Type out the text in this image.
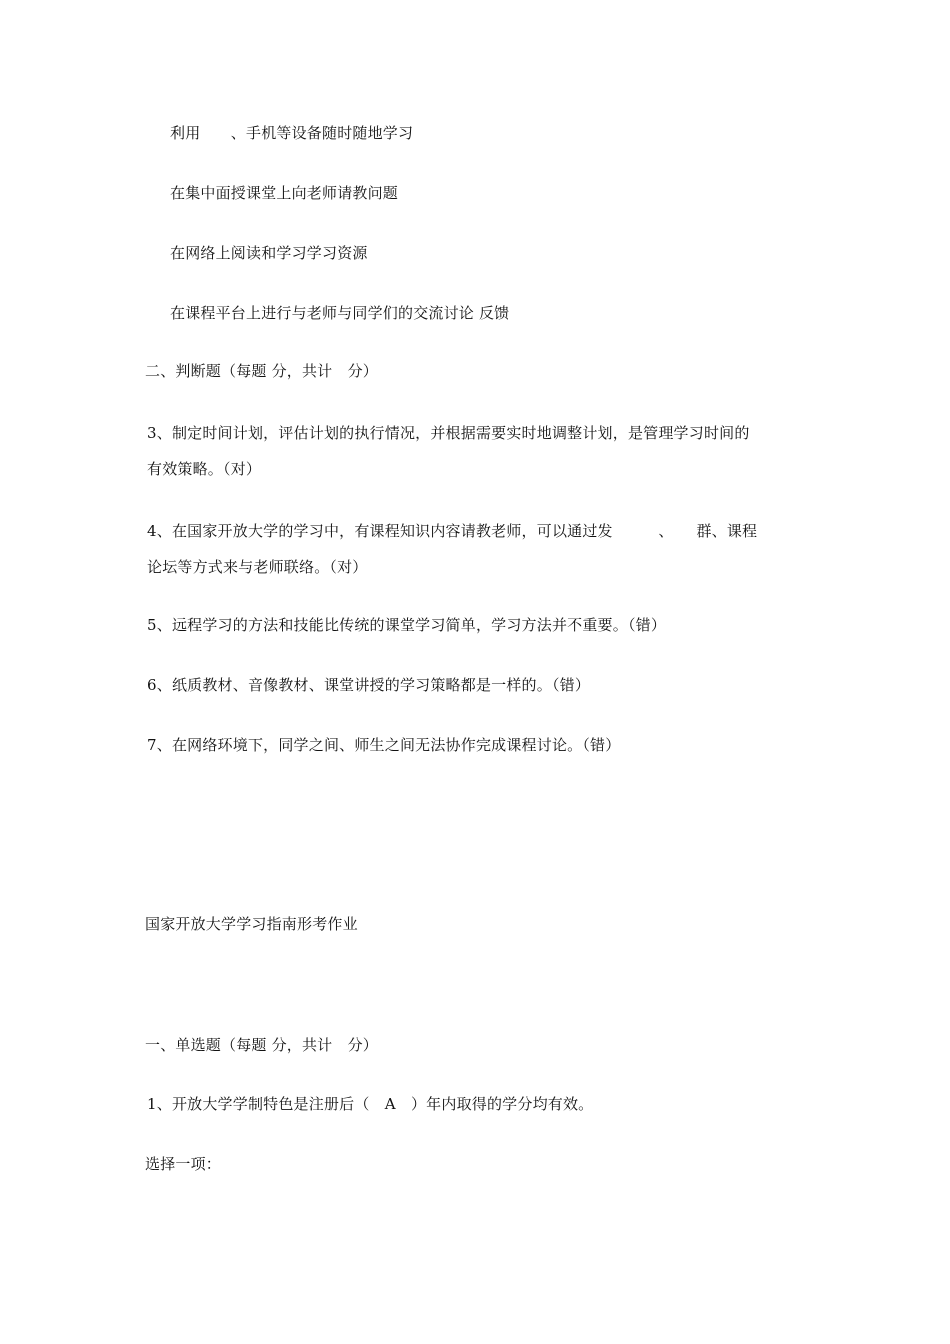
利用　　、手机等设备随时随地学习
在集中面授课堂上向老师请教问题
在网络上阅读和学习学习资源
在课程平台上进行与老师与同学们的交流讨论 反馈
二、判断题（每题 分，共计　分）
3、制定时间计划，评估计划的执行情况，并根据需要实时地调整计划，是管理学习时间的
有效策略。（对）
4、在国家开放大学的学习中，有课程知识内容请教老师，可以通过发　　　、　　群、课程
论坛等方式来与老师联络。（对）
5、远程学习的方法和技能比传统的课堂学习简单，学习方法并不重要。（错）
6、纸质教材、音像教材、课堂讲授的学习策略都是一样的。（错）
7、在网络环境下，同学之间、师生之间无法协作完成课程讨论。（错）
国家开放大学学习指南形考作业
一、单选题（每题 分，共计　分）
1、开放大学学制特色是注册后（　A　）年内取得的学分均有效。
选择一项：
